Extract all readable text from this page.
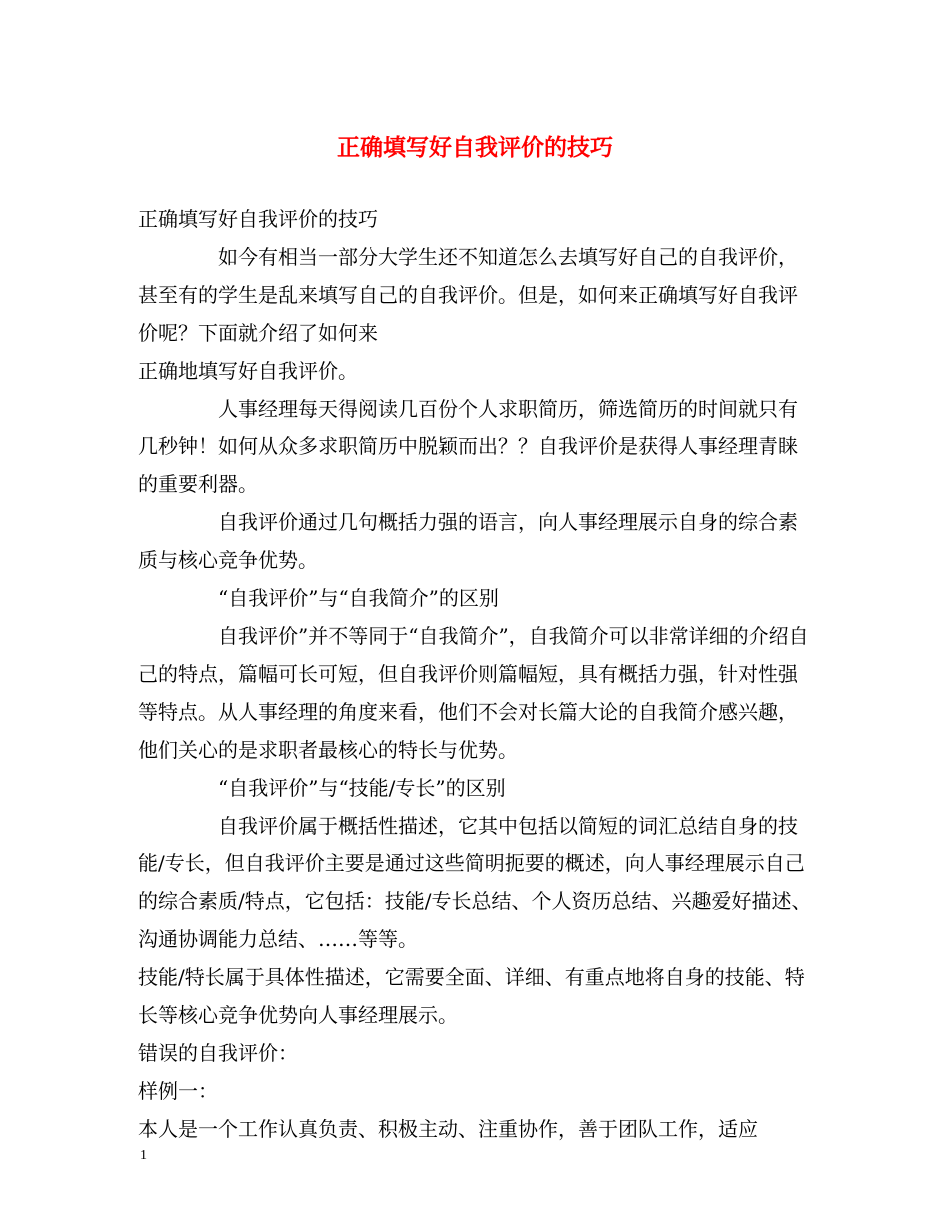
正确填写好自我评价的技巧

正确填写好自我评价的技巧

如今有相当一部分大学生还不知道怎么去填写好自己的自我评价，甚至有的学生是乱来填写自己的自我评价。但是，如何来正确填写好自我评价呢？下面就介绍了如何来

正确地填写好自我评价。

人事经理每天得阅读几百份个人求职简历，筛选简历的时间就只有几秒钟！如何从众多求职简历中脱颖而出？？自我评价是获得人事经理青睐的重要利器。

自我评价通过几句概括力强的语言，向人事经理展示自身的综合素质与核心竞争优势。

“自我评价”与“自我简介”的区别

自我评价”并不等同于“自我简介”，自我简介可以非常详细的介绍自己的特点，篇幅可长可短，但自我评价则篇幅短，具有概括力强，针对性强等特点。从人事经理的角度来看，他们不会对长篇大论的自我简介感兴趣，他们关心的是求职者最核心的特长与优势。

“自我评价”与“技能/专长”的区别

自我评价属于概括性描述，它其中包括以简短的词汇总结自身的技能/专长，但自我评价主要是通过这些简明扼要的概述，向人事经理展示自己的综合素质/特点，它包括：技能/专长总结、个人资历总结、兴趣爱好描述、沟通协调能力总结、……等等。

技能/特长属于具体性描述，它需要全面、详细、有重点地将自身的技能、特长等核心竞争优势向人事经理展示。

错误的自我评价：

样例一：

本人是一个工作认真负责、积极主动、注重协作，善于团队工作，适应

1
